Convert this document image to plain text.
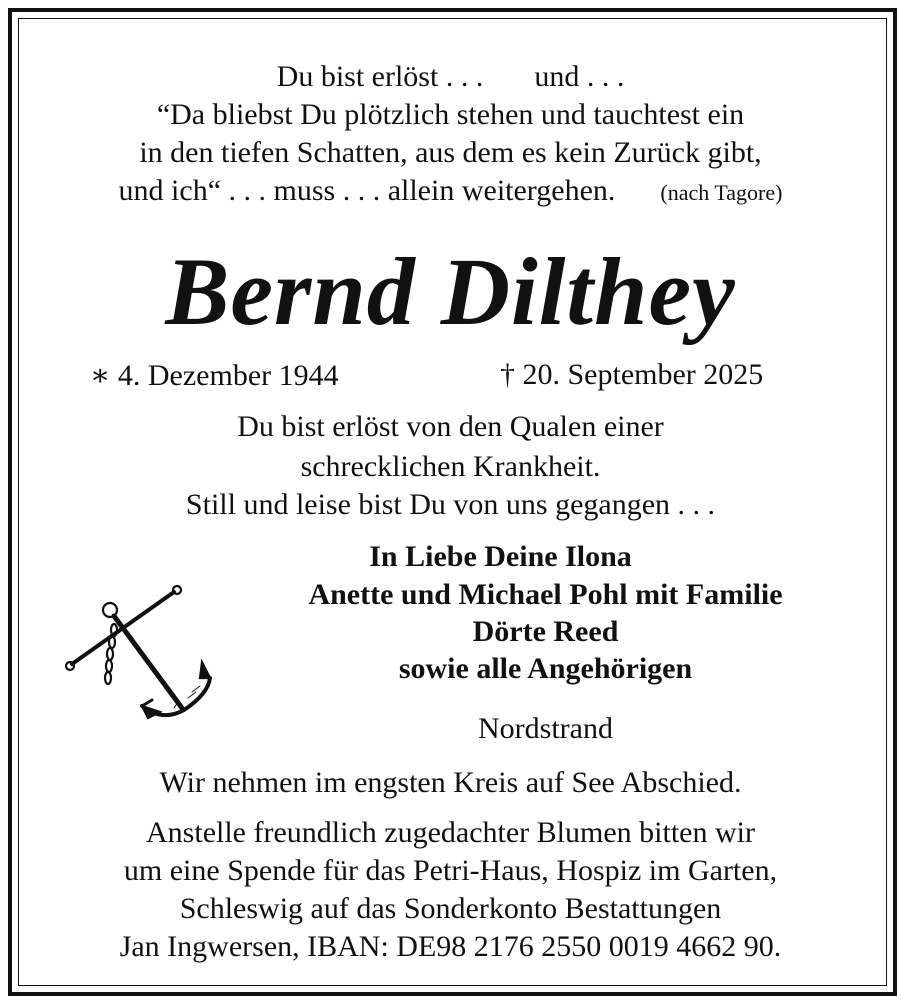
Du bist erlöst . . . und . . .
“Da bliebst Du plötzlich stehen und tauchtest ein
in den tiefen Schatten, aus dem es kein Zurück gibt,
und ich“ . . . muss . . . allein weitergehen. (nach Tagore)
Bernd Dilthey
∗ 4. Dezember 1944	† 20. September 2025
Du bist erlöst von den Qualen einer
schrecklichen Krankheit.
Still und leise bist Du von uns gegangen . . .
In Liebe Deine Ilona
Anette und Michael Pohl mit Familie
Dörte Reed
sowie alle Angehörigen
Nordstrand
Wir nehmen im engsten Kreis auf See Abschied.
Anstelle freundlich zugedachter Blumen bitten wir
um eine Spende für das Petri-Haus, Hospiz im Garten,
Schleswig auf das Sonderkonto Bestattungen
Jan Ingwersen, IBAN: DE98 2176 2550 0019 4662 90.
